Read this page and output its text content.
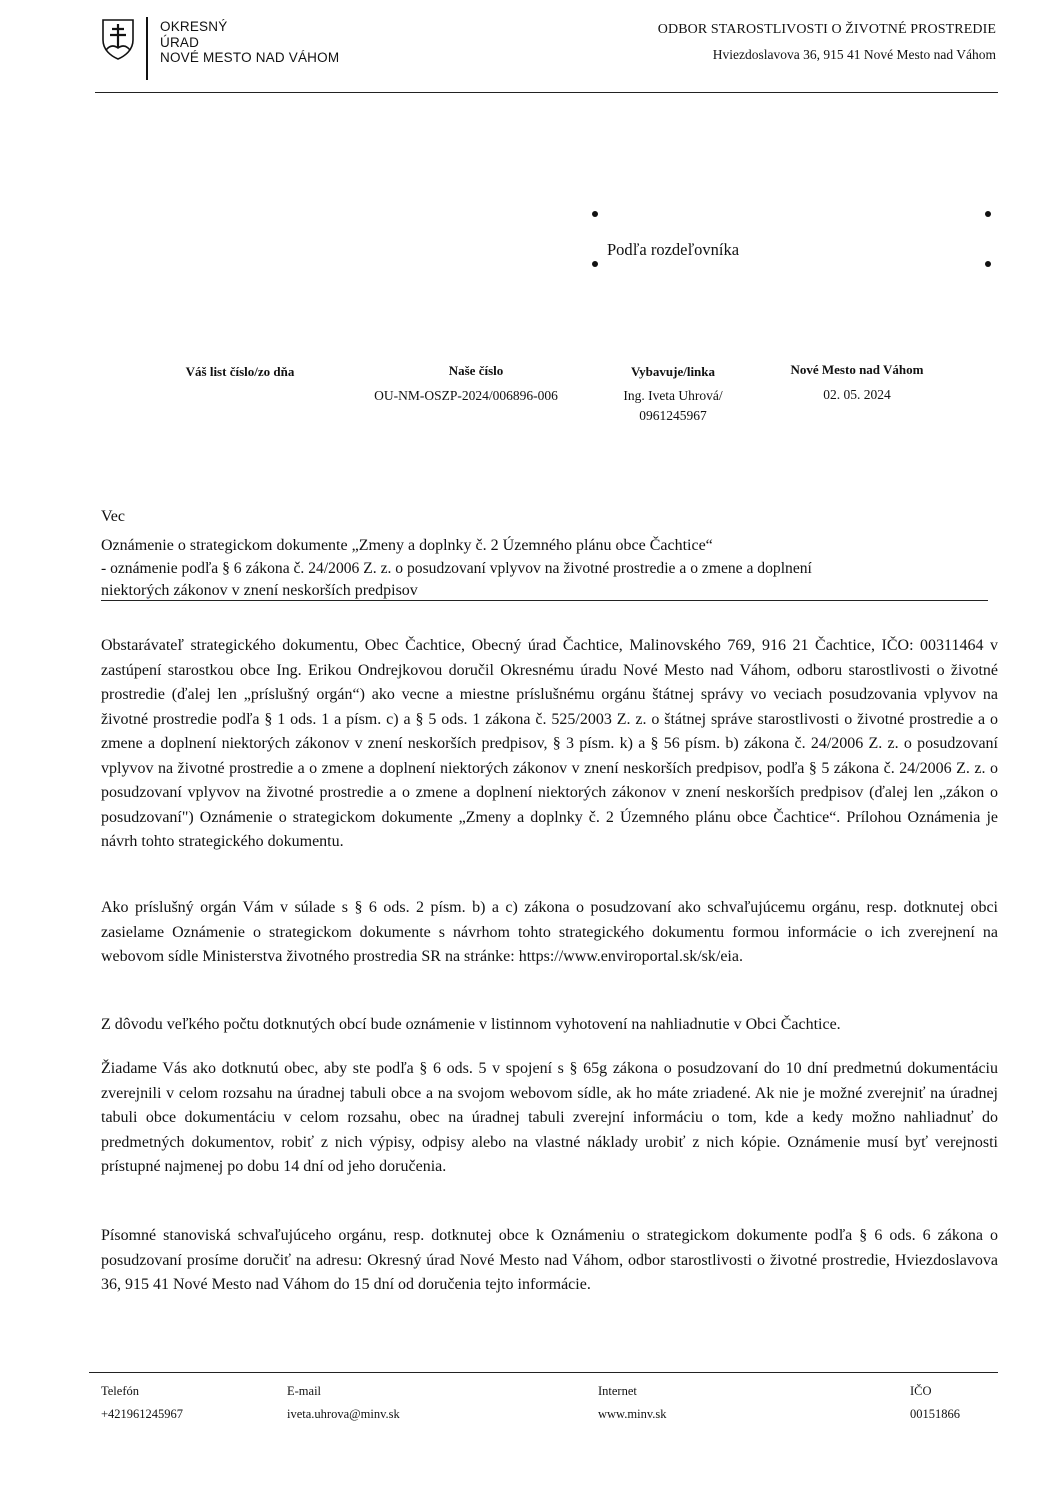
OKRESNÝ
ÚRAD
NOVÉ MESTO NAD VÁHOM
ODBOR STAROSTLIVOSTI O ŽIVOTNÉ PROSTREDIE
Hviezdoslavova 36, 915 41 Nové Mesto nad Váhom
Podľa rozdeľovníka
Váš list číslo/zo dňa	Naše číslo
OU-NM-OSZP-2024/006896-006
Vybavuje/linka
Ing. Iveta Uhrová/
0961245967
Nové Mesto nad Váhom
02. 05. 2024
Vec
Oznámenie o strategickom dokumente „Zmeny a doplnky č. 2 Územného plánu obce Čachtice“
- oznámenie podľa § 6 zákona č. 24/2006 Z. z. o posudzovaní vplyvov na životné prostredie a o zmene a doplnení
niektorých zákonov v znení neskorších predpisov
Obstarávateľ strategického dokumentu, Obec Čachtice, Obecný úrad Čachtice, Malinovského 769, 916 21 Čachtice, IČO: 00311464 v zastúpení starostkou obce Ing. Erikou Ondrejkovou doručil Okresnému úradu Nové Mesto nad Váhom, odboru starostlivosti o životné prostredie (ďalej len „príslušný orgán“) ako vecne a miestne príslušnému orgánu štátnej správy vo veciach posudzovania vplyvov na životné prostredie podľa § 1 ods. 1 a písm. c) a § 5 ods. 1 zákona č. 525/2003 Z. z. o štátnej správe starostlivosti o životné prostredie a o zmene a doplnení niektorých zákonov v znení neskorších predpisov, § 3 písm. k) a § 56 písm. b) zákona č. 24/2006 Z. z. o posudzovaní vplyvov na životné prostredie a o zmene a doplnení niektorých zákonov v znení neskorších predpisov, podľa § 5 zákona č. 24/2006 Z. z. o posudzovaní vplyvov na životné prostredie a o zmene a doplnení niektorých zákonov v znení neskorších predpisov (ďalej len „zákon o posudzovaní") Oznámenie o strategickom dokumente „Zmeny a doplnky č. 2 Územného plánu obce Čachtice“. Prílohou Oznámenia je návrh tohto strategického dokumentu.
Ako príslušný orgán Vám v súlade s § 6 ods. 2 písm. b) a c) zákona o posudzovaní ako schvaľujúcemu orgánu, resp. dotknutej obci zasielame Oznámenie o strategickom dokumente s návrhom tohto strategického dokumentu formou informácie o ich zverejnení na webovom sídle Ministerstva životného prostredia SR na stránke: https://www.enviroportal.sk/sk/eia.
Z dôvodu veľkého počtu dotknutých obcí bude oznámenie v listinnom vyhotovení na nahliadnutie v Obci Čachtice.
Žiadame Vás ako dotknutú obec, aby ste podľa § 6 ods. 5 v spojení s § 65g zákona o posudzovaní do 10 dní predmetnú dokumentáciu zverejnili v celom rozsahu na úradnej tabuli obce a na svojom webovom sídle, ak ho máte zriadené. Ak nie je možné zverejniť na úradnej tabuli obce dokumentáciu v celom rozsahu, obec na úradnej tabuli zverejní informáciu o tom, kde a kedy možno nahliadnuť do predmetných dokumentov, robiť z nich výpisy, odpisy alebo na vlastné náklady urobiť z nich kópie. Oznámenie musí byť verejnosti prístupné najmenej po dobu 14 dní od jeho doručenia.
Písomné stanoviská schvaľujúceho orgánu, resp. dotknutej obce k Oznámeniu o strategickom dokumente podľa § 6 ods. 6 zákona o posudzovaní prosíme doručiť na adresu: Okresný úrad Nové Mesto nad Váhom, odbor starostlivosti o životné prostredie, Hviezdoslavova 36, 915 41 Nové Mesto nad Váhom do 15 dní od doručenia tejto informácie.
Telefón
+421961245967
E-mail
iveta.uhrova@minv.sk
Internet
www.minv.sk
IČO
00151866
